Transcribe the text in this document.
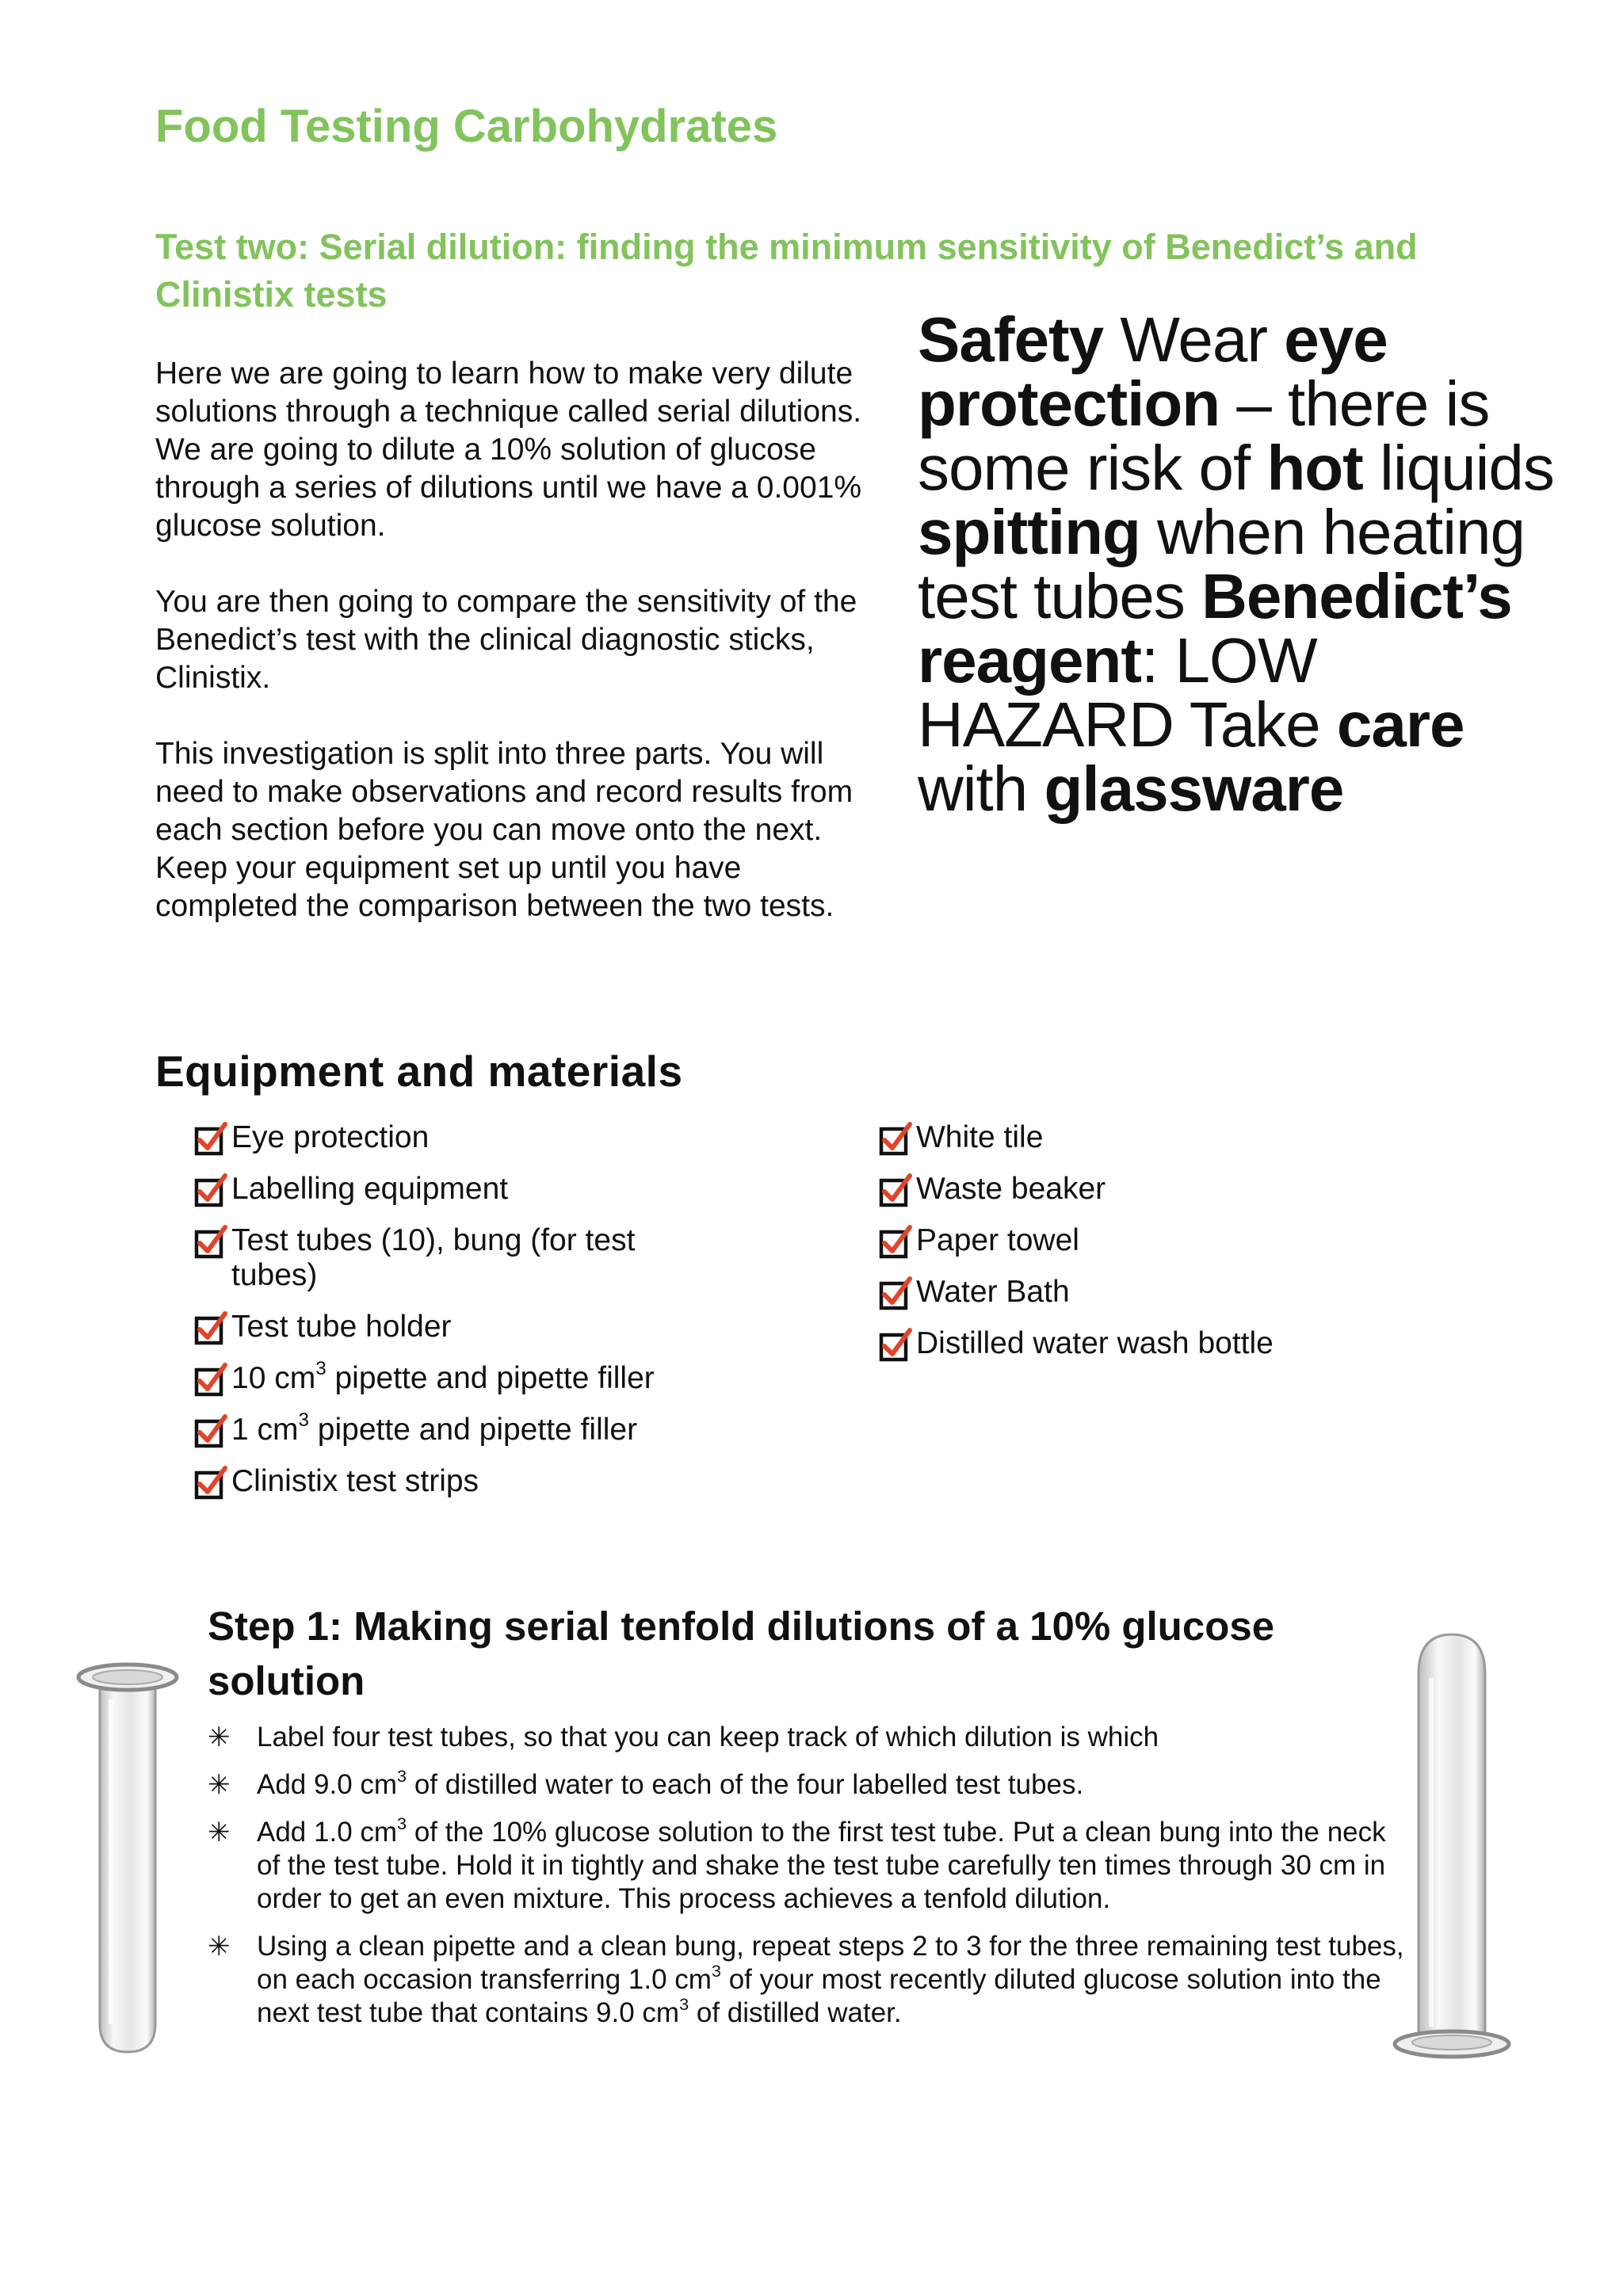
Food Testing Carbohydrates
Test two: Serial dilution: finding the minimum sensitivity of Benedict’s and Clinistix tests

Here we are going to learn how to make very dilute solutions through a technique called serial dilutions. We are going to dilute a 10% solution of glucose through a series of dilutions until we have a 0.001% glucose solution.

You are then going to compare the sensitivity of the Benedict’s test with the clinical diagnostic sticks, Clinistix.

This investigation is split into three parts. You will need to make observations and record results from each section before you can move onto the next. Keep your equipment set up until you have completed the comparison between the two tests.

Safety Wear eye protection – there is some risk of hot liquids spitting when heating test tubes Benedict’s reagent: LOW HAZARD Take care with glassware

Equipment and materials
Eye protection
Labelling equipment
Test tubes (10), bung (for test tubes)
Test tube holder
10 $cm^3$ pipette and pipette filler
1 $cm^3$ pipette and pipette filler
Clinistix test strips
White tile
Waste beaker
Paper towel
Water Bath
Distilled water wash bottle
Step 1: Making serial tenfold dilutions of a 10% glucose solution
✳ Label four test tubes, so that you can keep track of which dilution is which
✳ Add 9.0 $cm^3$ of distilled water to each of the four labelled test tubes.
✳ Add 1.0 $cm^3$ of the 10% glucose solution to the first test tube. Put a clean bung into the neck of the test tube. Hold it in tightly and shake the test tube carefully ten times through 30 cm in order to get an even mixture. This process achieves a tenfold dilution.
✳ Using a clean pipette and a clean bung, repeat steps 2 to 3 for the three remaining test tubes, on each occasion transferring 1.0 $cm^3$ of your most recently diluted glucose solution into the next test tube that contains 9.0 $cm^3$ of distilled water.
